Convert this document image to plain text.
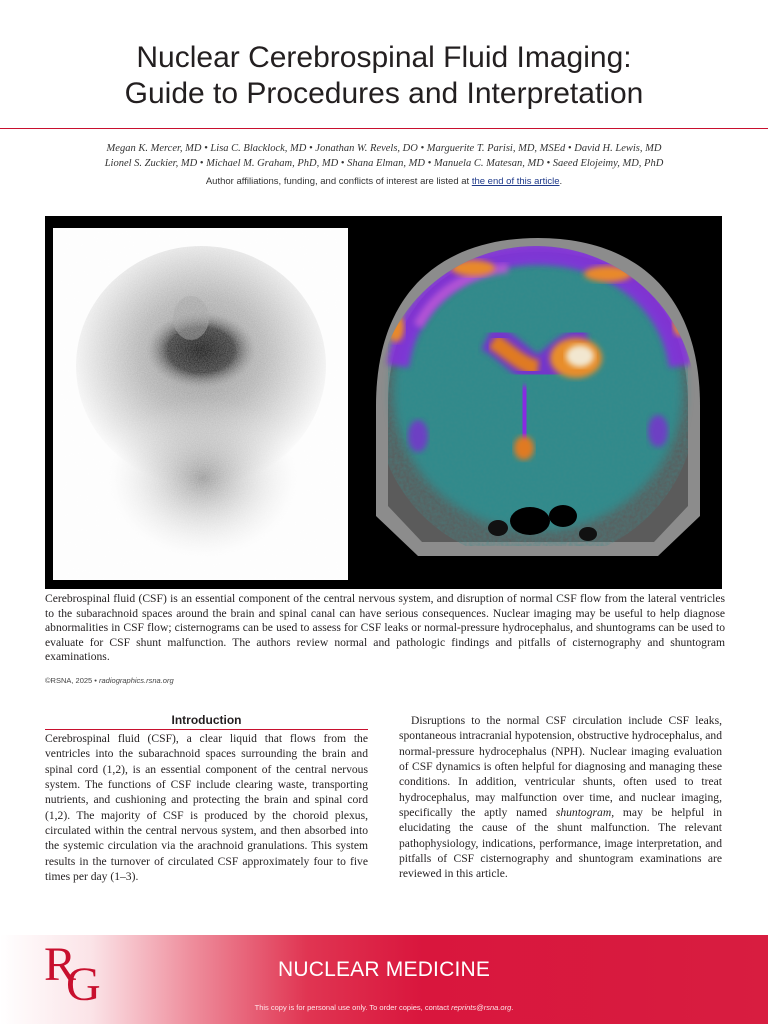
Nuclear Cerebrospinal Fluid Imaging:
Guide to Procedures and Interpretation
Megan K. Mercer, MD • Lisa C. Blacklock, MD • Jonathan W. Revels, DO • Marguerite T. Parisi, MD, MSEd • David H. Lewis, MD
Lionel S. Zuckier, MD • Michael M. Graham, PhD, MD • Shana Elman, MD • Manuela C. Matesan, MD • Saeed Elojeimy, MD, PhD
Author affiliations, funding, and conflicts of interest are listed at the end of this article.

Cerebrospinal fluid (CSF) is an essential component of the central nervous system, and disruption of normal CSF flow from the lateral ventricles to the subarachnoid spaces around the brain and spinal canal can have serious consequences. Nuclear imaging may be useful to help diagnose abnormalities in CSF flow; cisternograms can be used to assess for CSF leaks or normal-pressure hydrocephalus, and shuntograms can be used to evaluate for CSF shunt malfunction. The authors review normal and pathologic findings and pitfalls of cisternography and shuntogram examinations.

©RSNA, 2025 • radiographics.rsna.org
Introduction

Cerebrospinal fluid (CSF), a clear liquid that flows from the ventricles into the subarachnoid spaces surrounding the brain and spinal cord (1,2), is an essential component of the central nervous system. The functions of CSF include clearing waste, transporting nutrients, and cushioning and protecting the brain and spinal cord (1,2). The majority of CSF is produced by the choroid plexus, circulated within the central nervous system, and then absorbed into the systemic circulation via the arachnoid granulations. This system results in the turnover of circulated CSF approximately four to five times per day (1–3).

Disruptions to the normal CSF circulation include CSF leaks, spontaneous intracranial hypotension, obstructive hydrocephalus, and normal-pressure hydrocephalus (NPH). Nuclear imaging evaluation of CSF dynamics is often helpful for diagnosing and managing these conditions. In addition, ventricular shunts, often used to treat hydrocephalus, may malfunction over time, and nuclear imaging, specifically the aptly named shuntogram, may be helpful in elucidating the cause of the shunt malfunction. The relevant pathophysiology, indications, performance, image interpretation, and pitfalls of CSF cisternography and shuntogram examinations are reviewed in this article.

R
G	NUCLEAR MEDICINE
This copy is for personal use only. To order copies, contact reprints@rsna.org.
